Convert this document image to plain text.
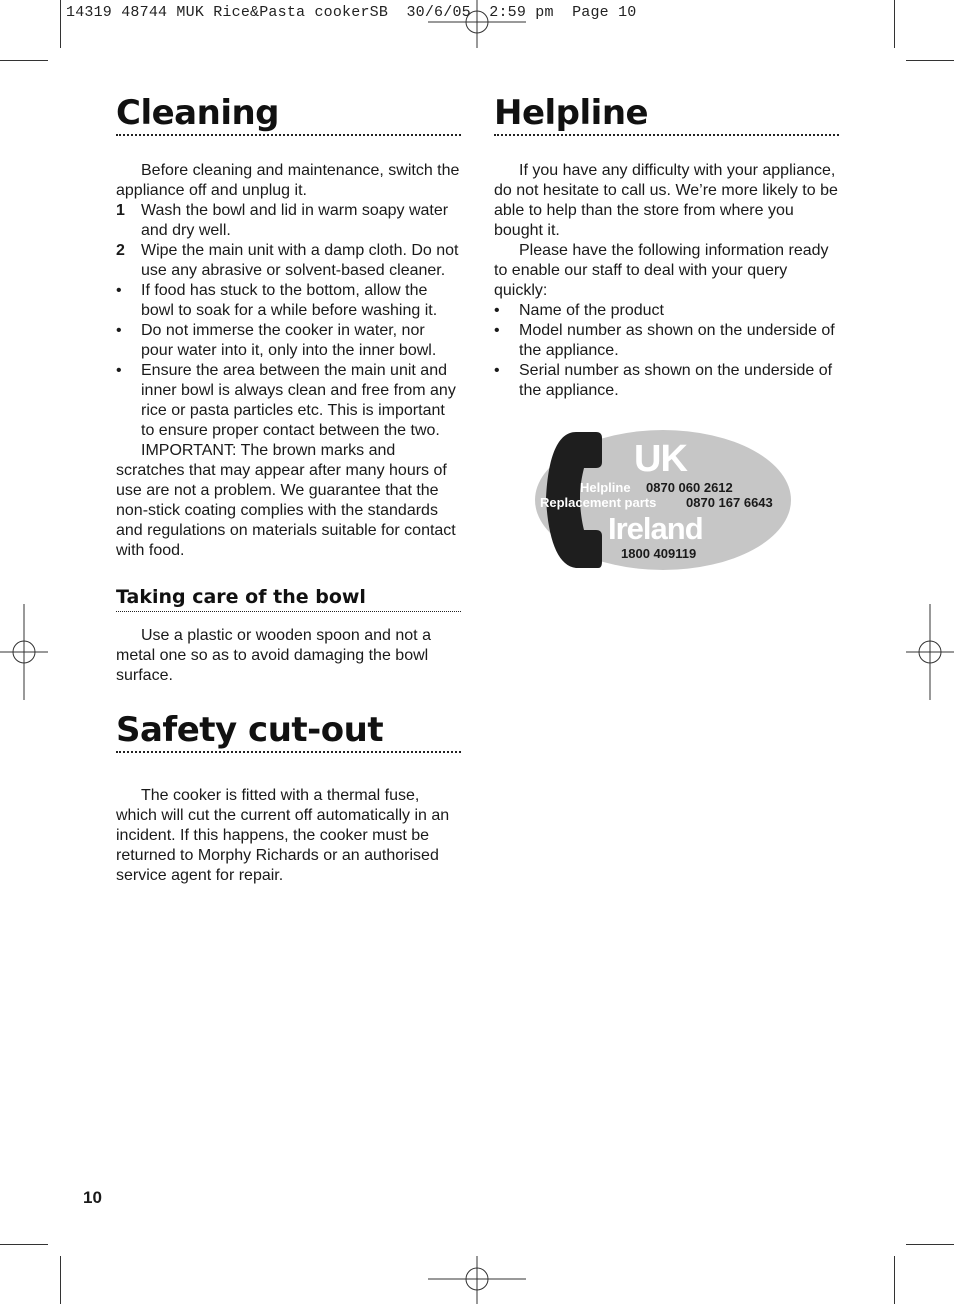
14319 48744 MUK Rice&Pasta cookerSB  30/6/05  2:59 pm  Page 10
Cleaning

Before cleaning and maintenance, switch the appliance off and unplug it.

1	Wash the bowl and lid in warm soapy water and dry well.
2	Wipe the main unit with a damp cloth. Do not use any abrasive or solvent-based cleaner.
•	If food has stuck to the bottom, allow the bowl to soak for a while before washing it.
•	Do not immerse the cooker in water, nor pour water into it, only into the inner bowl.
•	Ensure the area between the main unit and inner bowl is always clean and free from any rice or pasta particles etc. This is important to ensure proper contact between the two.

IMPORTANT: The brown marks and scratches that may appear after many hours of use are not a problem. We guarantee that the non-stick coating complies with the standards and regulations on materials suitable for contact with food.

Taking care of the bowl

Use a plastic or wooden spoon and not a metal one so as to avoid damaging the bowl surface.

Safety cut-out

The cooker is fitted with a thermal fuse, which will cut the current off automatically in an incident. If this happens, the cooker must be returned to Morphy Richards or an authorised service agent for repair.

Helpline

If you have any difficulty with your appliance, do not hesitate to call us. We’re more likely to be able to help than the store from where you bought it.

Please have the following information ready to enable our staff to deal with your query quickly:

•	Name of the product
•	Model number as shown on the underside of the appliance.
•	Serial number as shown on the underside of the appliance.
UK
Helpline 0870 060 2612
Replacement parts 0870 167 6643
Ireland
1800 409119
10
